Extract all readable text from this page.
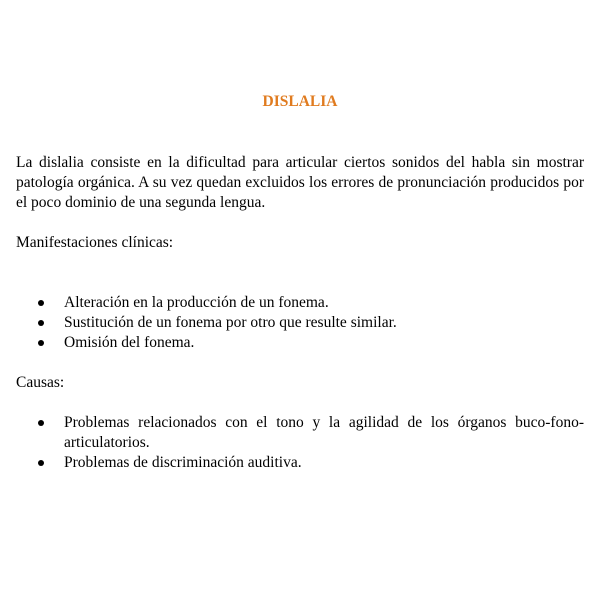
DISLALIA

La dislalia consiste en la dificultad para articular ciertos sonidos del habla sin mostrar patología orgánica. A su vez quedan excluidos los errores de pronunciación producidos por el poco dominio de una segunda lengua.

Manifestaciones clínicas:

Alteración en la producción de un fonema.
Sustitución de un fonema por otro que resulte similar.
Omisión del fonema.

Causas:

Problemas relacionados con el tono y la agilidad de los órganos buco-fono-articulatorios.
Problemas de discriminación auditiva.
